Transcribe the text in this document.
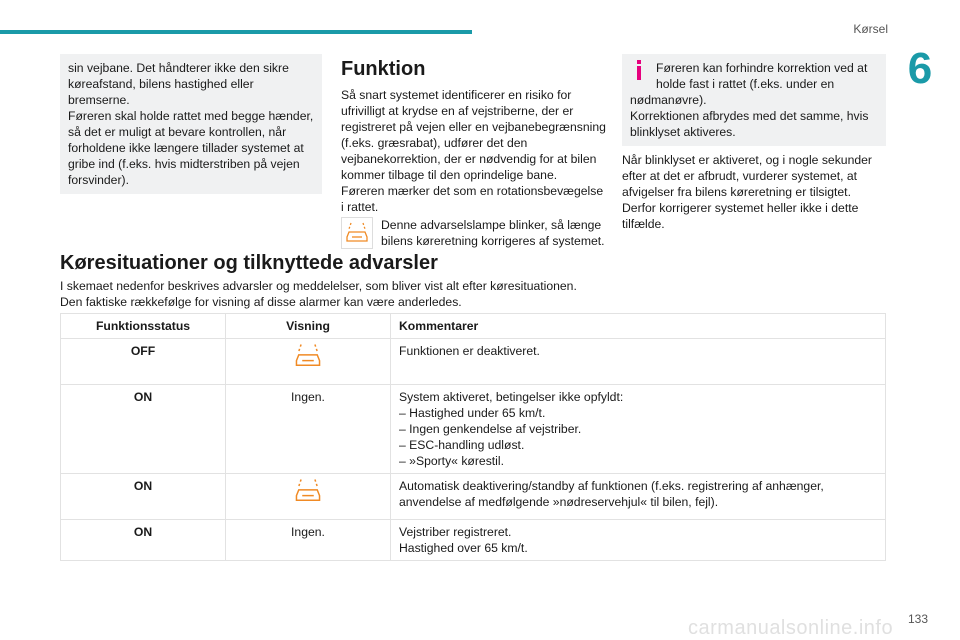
Kørsel
6

sin vejbane. Det håndterer ikke den sikre

køreafstand, bilens hastighed eller

bremserne.

Føreren skal holde rattet med begge hænder,

så det er muligt at bevare kontrollen, når

forholdene ikke længere tillader systemet at

gribe ind (f.eks. hvis midterstriben på vejen

forsvinder).

Funktion

Så snart systemet identificerer en risiko for

ufrivilligt at krydse en af vejstriberne, der er

registreret på vejen eller en vejbanebegrænsning

(f.eks. græsrabat), udfører det den

vejbanekorrektion, der er nødvendig for at bilen

kommer tilbage til den oprindelige bane.

Føreren mærker det som en rotationsbevægelse

i rattet.

Denne advarselslampe blinker, så længe

bilens køreretning korrigeres af systemet.

Føreren kan forhindre korrektion ved at

holde fast i rattet (f.eks. under en

nødmanøvre).

Korrektionen afbrydes med det samme, hvis

blinklyset aktiveres.

Når blinklyset er aktiveret, og i nogle sekunder

efter at det er afbrudt, vurderer systemet, at

afvigelser fra bilens køreretning er tilsigtet.

Derfor korrigerer systemet heller ikke i dette

tilfælde.

Køresituationer og tilknyttede advarsler

I skemaet nedenfor beskrives advarsler og meddelelser, som bliver vist alt efter køresituationen.

Den faktiske rækkefølge for visning af disse alarmer kan være anderledes.

Funktionsstatus	Visning	Kommentarer
OFF		Funktionen er deaktiveret.

ON	Ingen.	System aktiveret, betingelser ikke opfyldt:
– Hastighed under 65 km/t.
– Ingen genkendelse af vejstriber.
– ESC-handling udløst.
– »Sporty« kørestil.

ON		Automatisk deaktivering/standby af funktionen (f.eks. registrering af anhænger,
anvendelse af medfølgende »nødreservehjul« til bilen, fejl).

ON	Ingen.	Vejstriber registreret.
Hastighed over 65 km/t.
carmanualsonline.info 133
